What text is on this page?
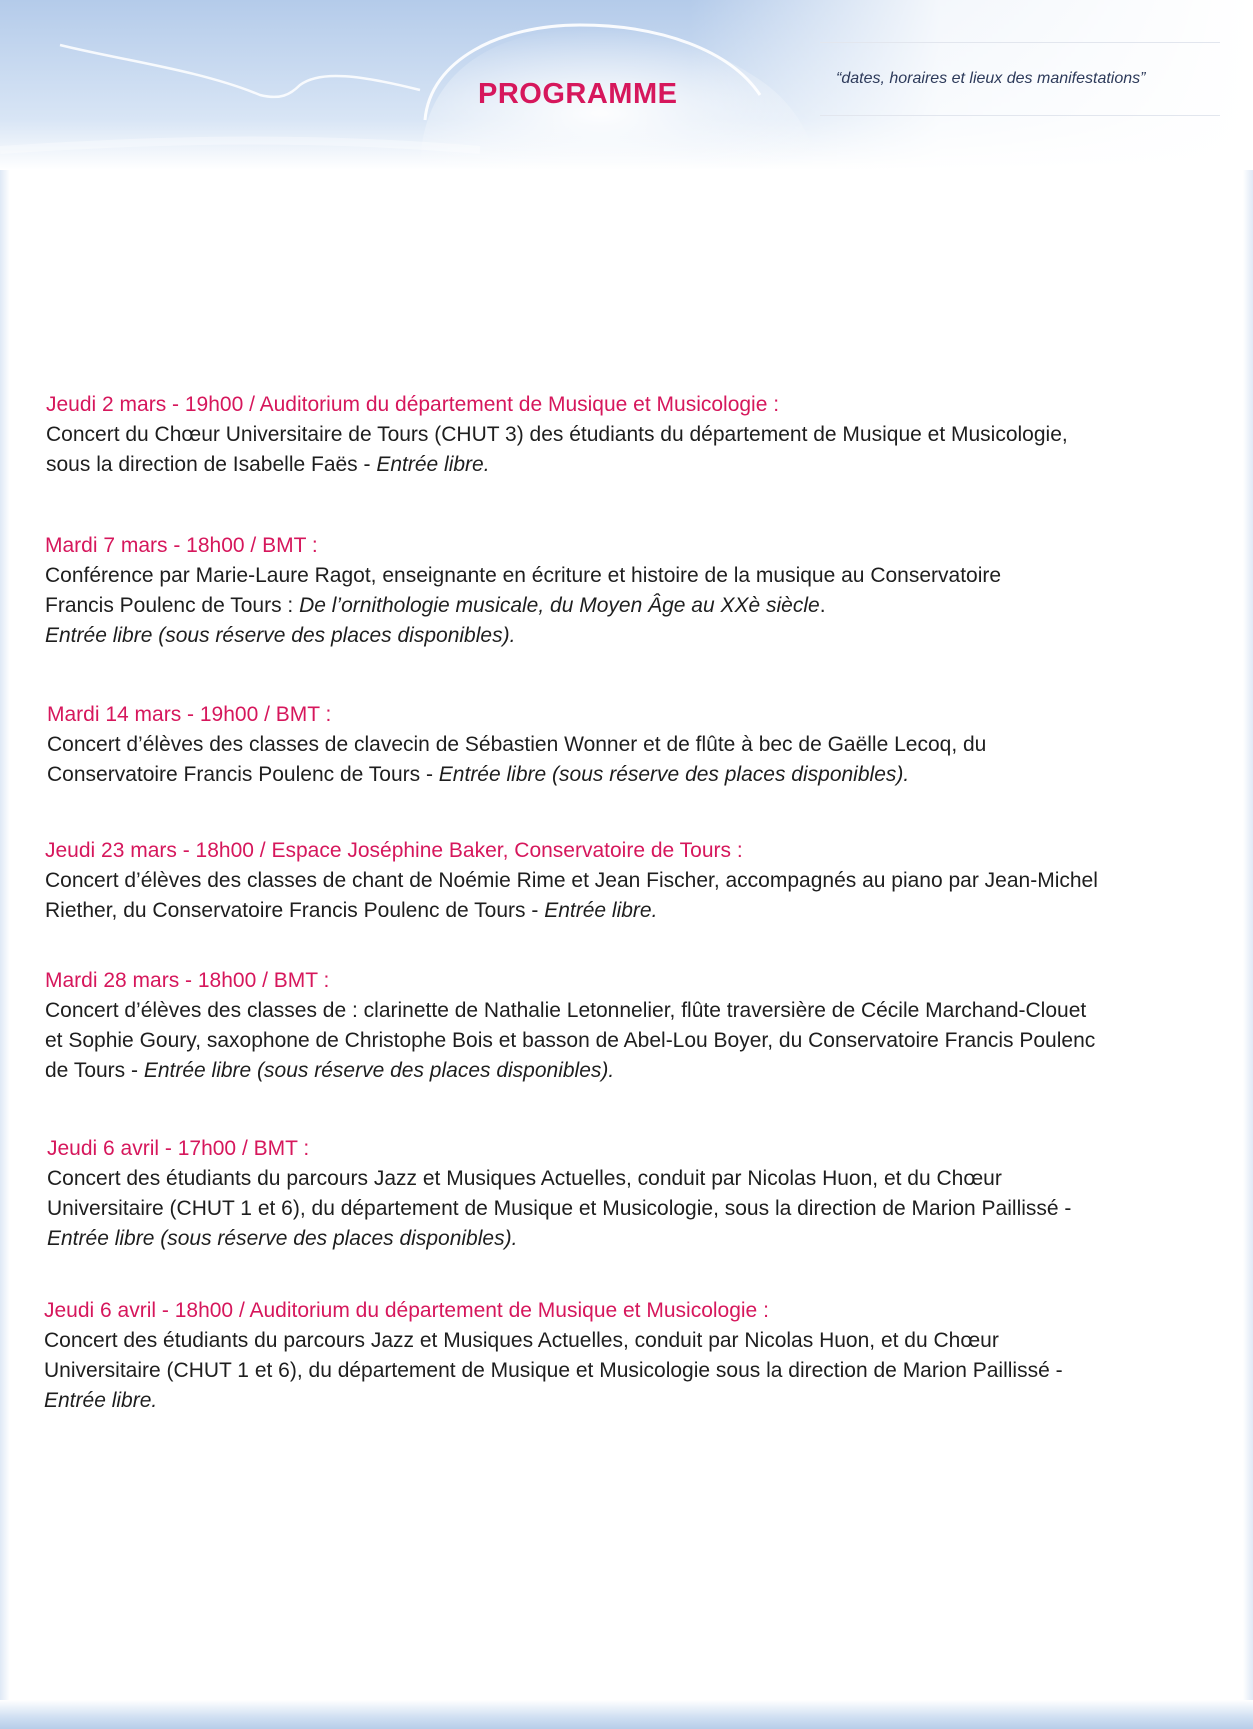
PROGRAMME	“dates, horaires et lieux des manifestations”
Jeudi 2 mars - 19h00 / Auditorium du département de Musique et Musicologie :
Concert du Chœur Universitaire de Tours (CHUT 3) des étudiants du département de Musique et Musicologie,
sous la direction de Isabelle Faës - Entrée libre.
Mardi 7 mars - 18h00 / BMT :
Conférence par Marie-Laure Ragot, enseignante en écriture et histoire de la musique au Conservatoire
Francis Poulenc de Tours : De l’ornithologie musicale, du Moyen Âge au XXè siècle.
Entrée libre (sous réserve des places disponibles).
Mardi 14 mars - 19h00 / BMT :
Concert d’élèves des classes de clavecin de Sébastien Wonner et de flûte à bec de Gaëlle Lecoq, du
Conservatoire Francis Poulenc de Tours - Entrée libre (sous réserve des places disponibles).
Jeudi 23 mars - 18h00 / Espace Joséphine Baker, Conservatoire de Tours :
Concert d’élèves des classes de chant de Noémie Rime et Jean Fischer, accompagnés au piano par Jean-Michel
Riether, du Conservatoire Francis Poulenc de Tours - Entrée libre.
Mardi 28 mars - 18h00 / BMT :
Concert d’élèves des classes de : clarinette de Nathalie Letonnelier, flûte traversière de Cécile Marchand-Clouet
et Sophie Goury, saxophone de Christophe Bois et basson de Abel-Lou Boyer, du Conservatoire Francis Poulenc
de Tours - Entrée libre (sous réserve des places disponibles).
Jeudi 6 avril - 17h00 / BMT :
Concert des étudiants du parcours Jazz et Musiques Actuelles, conduit par Nicolas Huon, et du Chœur
Universitaire (CHUT 1 et 6), du département de Musique et Musicologie, sous la direction de Marion Paillissé -
Entrée libre (sous réserve des places disponibles).
Jeudi 6 avril - 18h00 / Auditorium du département de Musique et Musicologie :
Concert des étudiants du parcours Jazz et Musiques Actuelles, conduit par Nicolas Huon, et du Chœur
Universitaire (CHUT 1 et 6), du département de Musique et Musicologie sous la direction de Marion Paillissé -
Entrée libre.
